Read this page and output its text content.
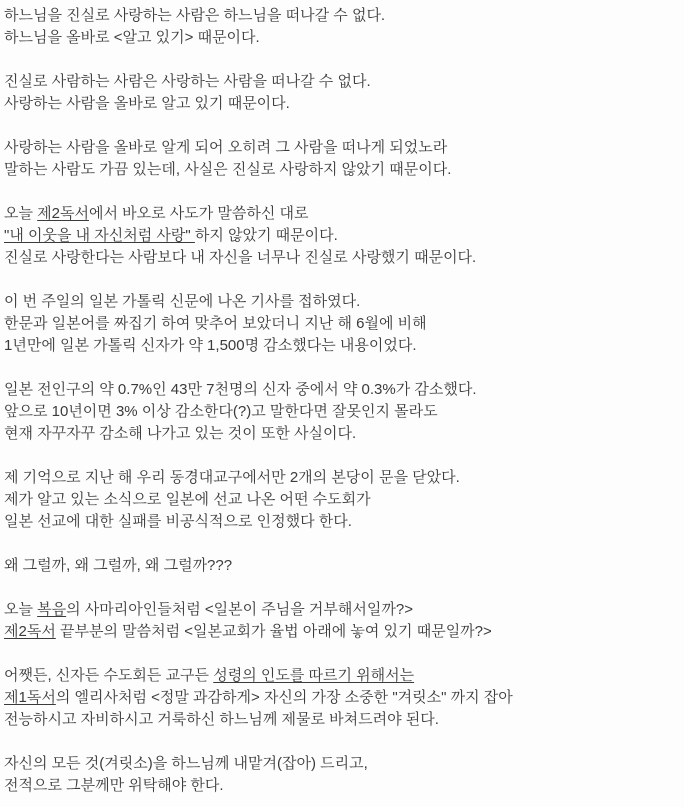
하느님을 진실로 사랑하는 사람은 하느님을 떠나갈 수 없다.
하느님을 올바로 <알고 있기> 때문이다.

진실로 사람하는 사람은 사랑하는 사람을 떠나갈 수 없다.
사랑하는 사람을 올바로 알고 있기 때문이다.

사랑하는 사람을 올바로 알게 되어 오히려 그 사람을 떠나게 되었노라
말하는 사람도 가끔 있는데, 사실은 진실로 사랑하지 않았기 때문이다.

오늘 제2독서에서 바오로 사도가 말씀하신 대로
"내 이웃을 내 자신처럼 사랑" 하지 않았기 때문이다.
진실로 사랑한다는 사람보다 내 자신을 너무나 진실로 사랑했기 때문이다.

이 번 주일의 일본 가톨릭 신문에 나온 기사를 접하였다.
한문과 일본어를 짜집기 하여 맞추어 보았더니 지난 해 6월에 비해
1년만에 일본 가톨릭 신자가 약 1,500명 감소했다는 내용이었다.

일본 전인구의 약 0.7%인 43만 7천명의 신자 중에서 약 0.3%가 감소했다.
앞으로 10년이면 3% 이상 감소한다(?)고 말한다면 잘못인지 몰라도
현재 자꾸자꾸 감소해 나가고 있는 것이 또한 사실이다.

제 기억으로 지난 해 우리 동경대교구에서만 2개의 본당이 문을 닫았다.
제가 알고 있는 소식으로 일본에 선교 나온 어떤 수도회가
일본 선교에 대한 실패를 비공식적으로 인정했다 한다.

왜 그럴까, 왜 그럴까, 왜 그럴까???

오늘 복음의 사마리아인들처럼 <일본이 주님을 거부해서일까?>
제2독서 끝부분의 말씀처럼 <일본교회가 율법 아래에 놓여 있기 때문일까?>

어쨋든, 신자든 수도회든 교구든 성령의 인도를 따르기 위해서는
제1독서의 엘리사처럼 <정말 과감하게> 자신의 가장 소중한 "겨릿소" 까지 잡아
전능하시고 자비하시고 거룩하신 하느님께 제물로 바쳐드려야 된다.

자신의 모든 것(겨릿소)을 하느님께 내맡겨(잡아) 드리고,
전적으로 그분께만 위탁해야 한다.
